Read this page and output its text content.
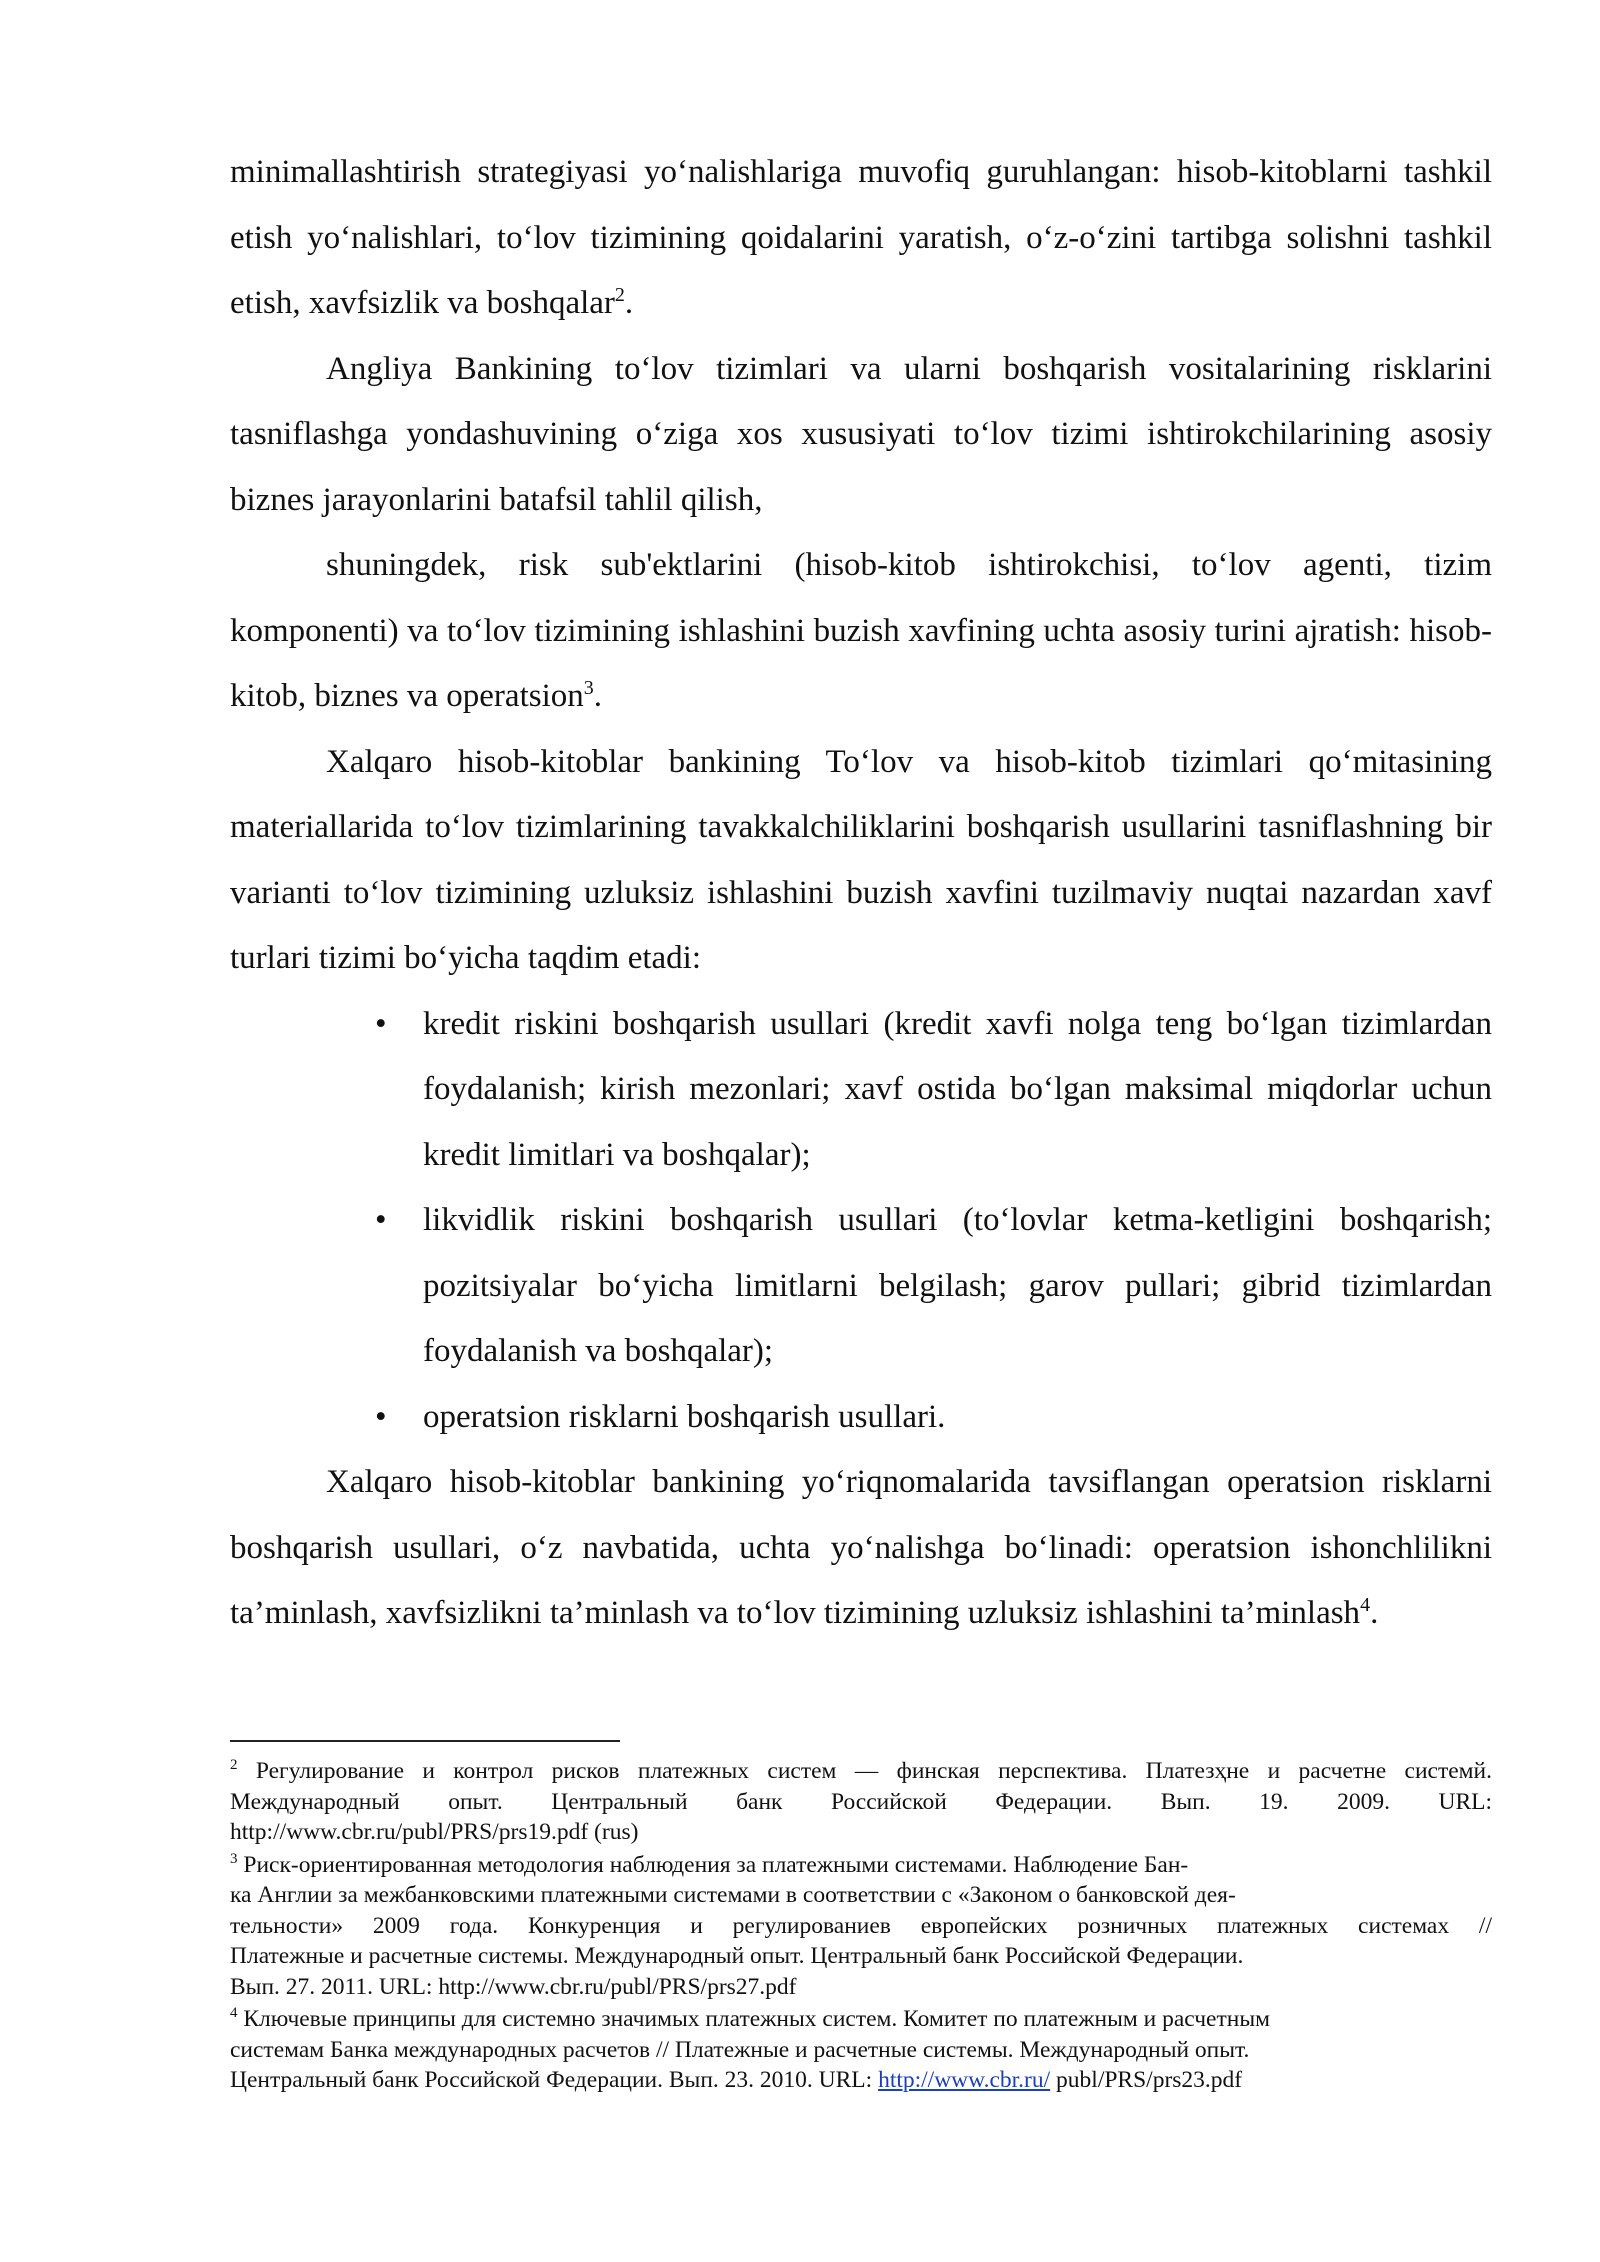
minimallashtirish strategiyasi yo‘nalishlariga muvofiq guruhlangan: hisob-kitoblarni tashkil etish yo‘nalishlari, to‘lov tizimining qoidalarini yaratish, o‘z-o‘zini tartibga solishni tashkil etish, xavfsizlik va boshqalar$^2$.

Angliya Bankining to‘lov tizimlari va ularni boshqarish vositalarining risklarini tasniflashga yondashuvining o‘ziga xos xususiyati to‘lov tizimi ishtirokchilarining asosiy biznes jarayonlarini batafsil tahlil qilish,

shuningdek, risk sub'ektlarini (hisob-kitob ishtirokchisi, to‘lov agenti, tizim komponenti) va to‘lov tizimining ishlashini buzish xavfining uchta asosiy turini ajratish: hisob-kitob, biznes va operatsion$^3$.

Xalqaro hisob-kitoblar bankining To‘lov va hisob-kitob tizimlari qo‘mitasining materiallarida to‘lov tizimlarining tavakkalchiliklarini boshqarish usullarini tasniflashning bir varianti to‘lov tizimining uzluksiz ishlashini buzish xavfini tuzilmaviy nuqtai nazardan xavf turlari tizimi bo‘yicha taqdim etadi:

• kredit riskini boshqarish usullari (kredit xavfi nolga teng bo‘lgan tizimlardan foydalanish; kirish mezonlari; xavf ostida bo‘lgan maksimal miqdorlar uchun kredit limitlari va boshqalar);
• likvidlik riskini boshqarish usullari (to‘lovlar ketma-ketligini boshqarish; pozitsiyalar bo‘yicha limitlarni belgilash; garov pullari; gibrid tizimlardan foydalanish va boshqalar);
• operatsion risklarni boshqarish usullari.

Xalqaro hisob-kitoblar bankining yo‘riqnomalarida tavsiflangan operatsion risklarni boshqarish usullari, o‘z navbatida, uchta yo‘nalishga bo‘linadi: operatsion ishonchlilikni ta’minlash, xavfsizlikni ta’minlash va to‘lov tizimining uzluksiz ishlashini ta’minlash$^4$.

$^2$ Регулирование и контрол рисков платежных систем — финская перспектива. Платезҳне и расчетне системй.
Международный опыт. Центральный банк Российской Федерации. Вып. 19. 2009. URL:
http://www.cbr.ru/publ/PRS/prs19.pdf (rus)
$^3$ Риск-ориентированная методология наблюдения за платежными системами. Наблюдение Бан-
ка Англии за межбанковскими платежными системами в соответствии с «Законом о банковской дея-
тельности» 2009 года. Конкуренция и регулированиев европейских розничных платежных системах //
Платежные и расчетные системы. Международный опыт. Центральный банк Российской Федерации.
Вып. 27. 2011. URL: http://www.cbr.ru/publ/PRS/prs27.pdf
$^4$ Ключевые принципы для системно значимых платежных систем. Комитет по платежным и расчетным
системам Банка международных расчетов // Платежные и расчетные системы. Международный опыт.
Центральный банк Российской Федерации. Вып. 23. 2010. URL: http://www.cbr.ru/ publ/PRS/prs23.pdf
